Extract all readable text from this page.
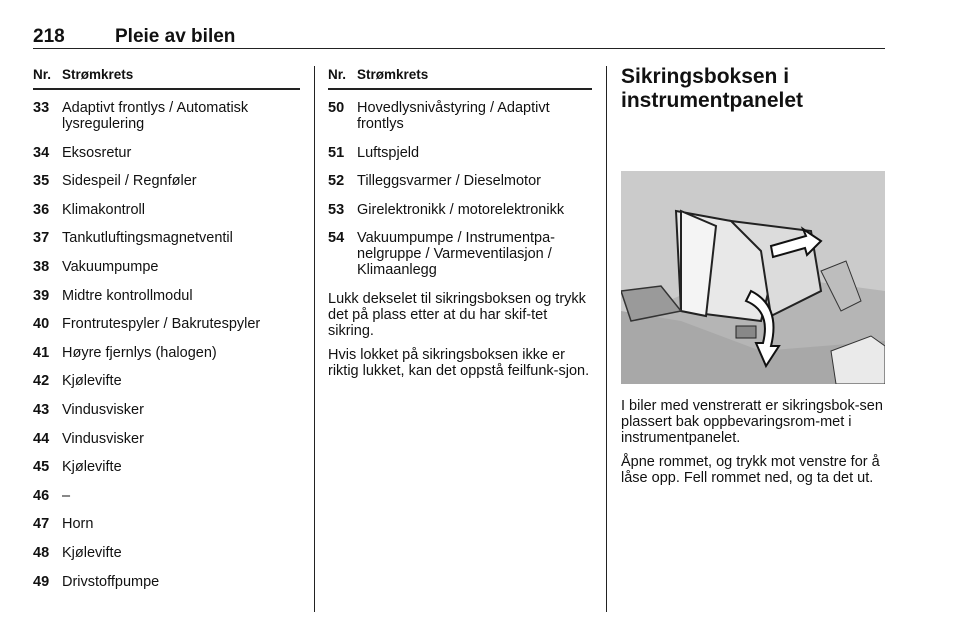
218	Pleie av bilen
Nr. Strømkrets
33 Adaptivt frontlys / Automatisk lysregulering
34 Eksosretur
35 Sidespeil / Regnføler
36 Klimakontroll
37 Tankutluftingsmagnetventil
38 Vakuumpumpe
39 Midtre kontrollmodul
40 Frontrutespyler / Bakrutespyler
41 Høyre fjernlys (halogen)
42 Kjølevifte
43 Vindusvisker
44 Vindusvisker
45 Kjølevifte
46 –
47 Horn
48 Kjølevifte
49 Drivstoffpumpe
Nr. Strømkrets
50 Hovedlysnivåstyring / Adaptivt frontlys
51 Luftspjeld
52 Tilleggsvarmer / Dieselmotor
53 Girelektronikk / motorelektronikk
54 Vakuumpumpe / Instrumentpa-nelgruppe / Varmeventilasjon / Klimaanlegg

Lukk dekselet til sikringsboksen og trykk det på plass etter at du har skif-tet sikring.

Hvis lokket på sikringsboksen ikke er riktig lukket, kan det oppstå feilfunk-sjon.

Sikringsboksen i instrumentpanelet

I biler med venstreratt er sikringsbok-sen plassert bak oppbevaringsrom-met i instrumentpanelet.

Åpne rommet, og trykk mot venstre for å låse opp. Fell rommet ned, og ta det ut.
